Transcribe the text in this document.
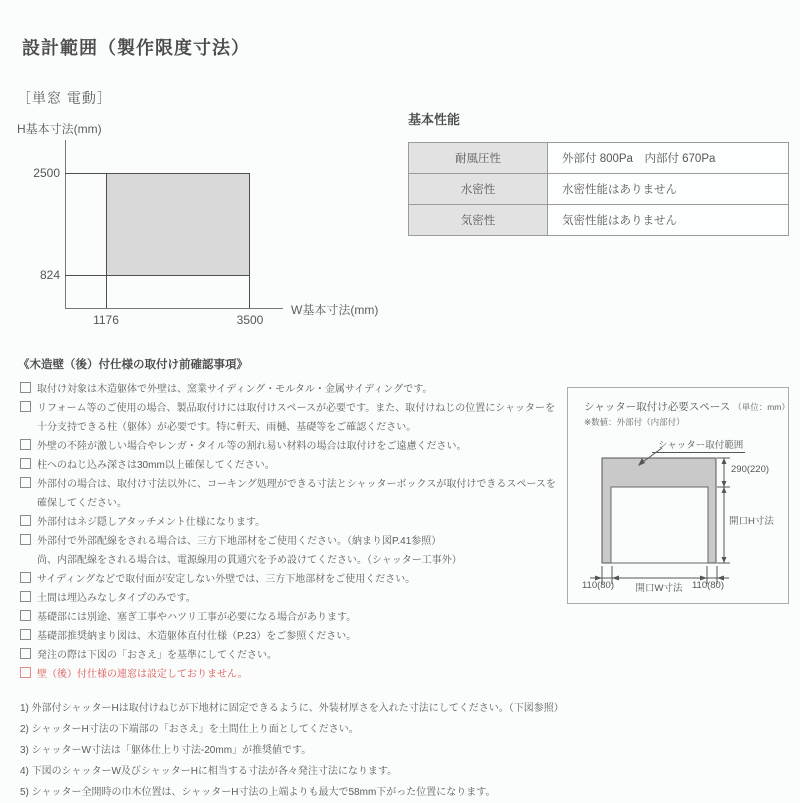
設計範囲（製作限度寸法）
［単窓 電動］
H基本寸法(mm)
2500
824
1176	3500
W基本寸法(mm)
基本性能
耐風圧性	外部付 800Pa　内部付 670Pa
水密性	水密性能はありません
気密性	気密性能はありません
《木造壁（後）付仕様の取付け前確認事項》
取付け対象は木造躯体で外壁は、窯業サイディング・モルタル・金属サイディングです。
リフォーム等のご使用の場合、製品取付けには取付けスペースが必要です。また、取付けねじの位置にシャッターを
十分支持できる柱（躯体）が必要です。特に軒天、雨樋、基礎等をご確認ください。
外壁の不陸が激しい場合やレンガ・タイル等の割れ易い材料の場合は取付けをご遠慮ください。
柱へのねじ込み深さは30mm以上確保してください。
外部付の場合は、取付け寸法以外に、コーキング処理ができる寸法とシャッターボックスが取付けできるスペースを
確保してください。
外部付はネジ隠しアタッチメント仕様になります。
外部付で外部配線をされる場合は、三方下地部材をご使用ください。（納まり図P.41参照）
尚、内部配線をされる場合は、電源線用の貫通穴を予め設けてください。（シャッター工事外）
サイディングなどで取付面が安定しない外壁では、三方下地部材をご使用ください。
土間は埋込みなしタイプのみです。
基礎部には別途、塞ぎ工事やハツリ工事が必要になる場合があります。
基礎部推奨納まり図は、木造躯体直付仕様（P.23）をご参照ください。
発注の際は下図の「おさえ」を基準にしてください。
壁（後）付仕様の連窓は設定しておりません。
シャッター取付け必要スペース （単位：mm）
※数値：外部付（内部付）
シャッター取付範囲
290(220)
開口H寸法
110(80)	開口W寸法 110(80)
1) 外部付シャッターHは取付けねじが下地材に固定できるように、外装材厚さを入れた寸法にしてください。（下図参照）
2) シャッターH寸法の下端部の「おさえ」を土間仕上り面としてください。
3) シャッターW寸法は「躯体仕上り寸法-20mm」が推奨値です。
4) 下図のシャッターW及びシャッターHに相当する寸法が各々発注寸法になります。
5) シャッター全開時の巾木位置は、シャッターH寸法の上端よりも最大で58mm下がった位置になります。
